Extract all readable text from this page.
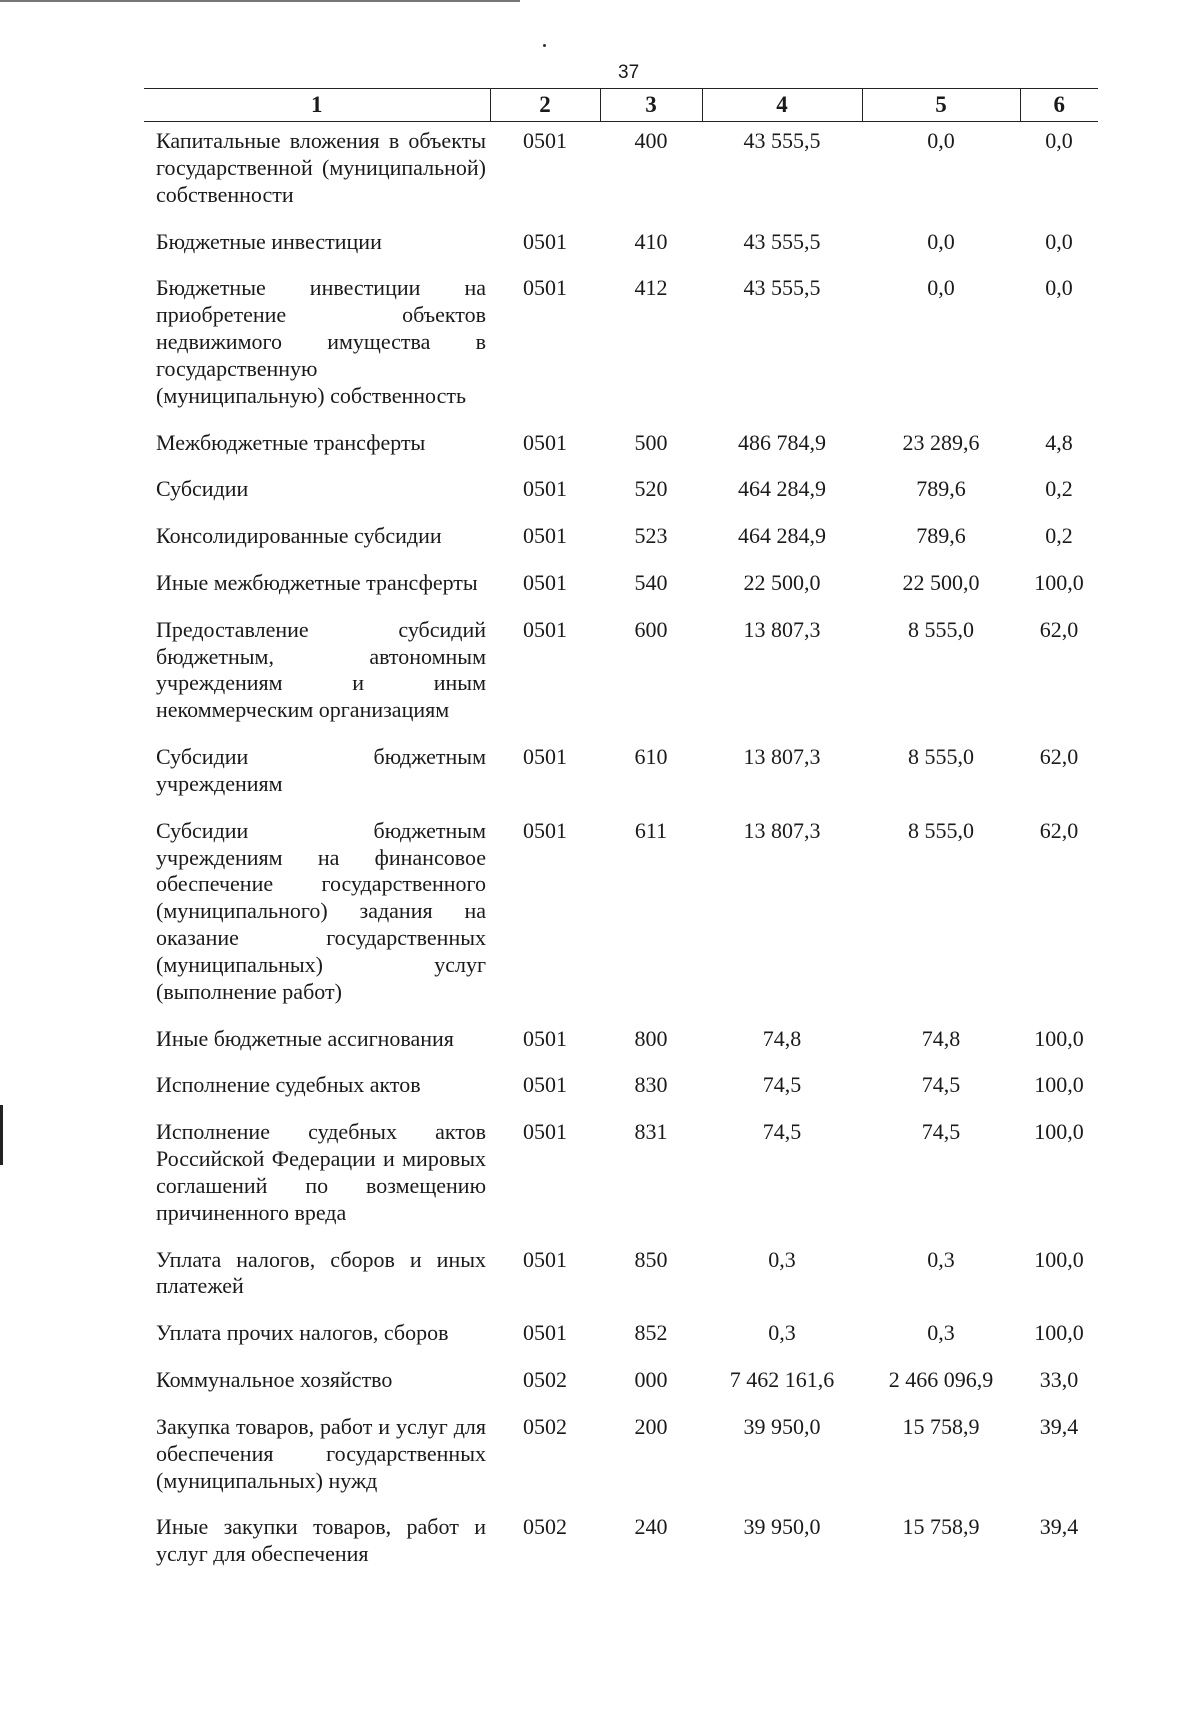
37
1	2	3	4	5	6
Капитальные вложения в объекты государственной (муниципальной) собственности	0501	400	43 555,5	0,0	0,0
Бюджетные инвестиции	0501	410	43 555,5	0,0	0,0
Бюджетные инвестиции на приобретение объектов недвижимого имущества в государственную (муниципальную) собственность	0501	412	43 555,5	0,0	0,0
Межбюджетные трансферты	0501	500	486 784,9	23 289,6	4,8
Субсидии	0501	520	464 284,9	789,6	0,2
Консолидированные субсидии	0501	523	464 284,9	789,6	0,2
Иные межбюджетные трансферты	0501	540	22 500,0	22 500,0	100,0
Предоставление субсидий бюджетным, автономным учреждениям и иным некоммерческим организациям	0501	600	13 807,3	8 555,0	62,0
Субсидии бюджетным учреждениям	0501	610	13 807,3	8 555,0	62,0
Субсидии бюджетным учреждениям на финансовое обеспечение государственного (муниципального) задания на оказание государственных (муниципальных) услуг (выполнение работ)	0501	611	13 807,3	8 555,0	62,0
Иные бюджетные ассигнования	0501	800	74,8	74,8	100,0
Исполнение судебных актов	0501	830	74,5	74,5	100,0
Исполнение судебных актов Российской Федерации и мировых соглашений по возмещению причиненного вреда	0501	831	74,5	74,5	100,0
Уплата налогов, сборов и иных платежей	0501	850	0,3	0,3	100,0
Уплата прочих налогов, сборов	0501	852	0,3	0,3	100,0
Коммунальное хозяйство	0502	000	7 462 161,6	2 466 096,9	33,0
Закупка товаров, работ и услуг для обеспечения государственных (муниципальных) нужд	0502	200	39 950,0	15 758,9	39,4
Иные закупки товаров, работ и услуг для обеспечения	0502	240	39 950,0	15 758,9	39,4
